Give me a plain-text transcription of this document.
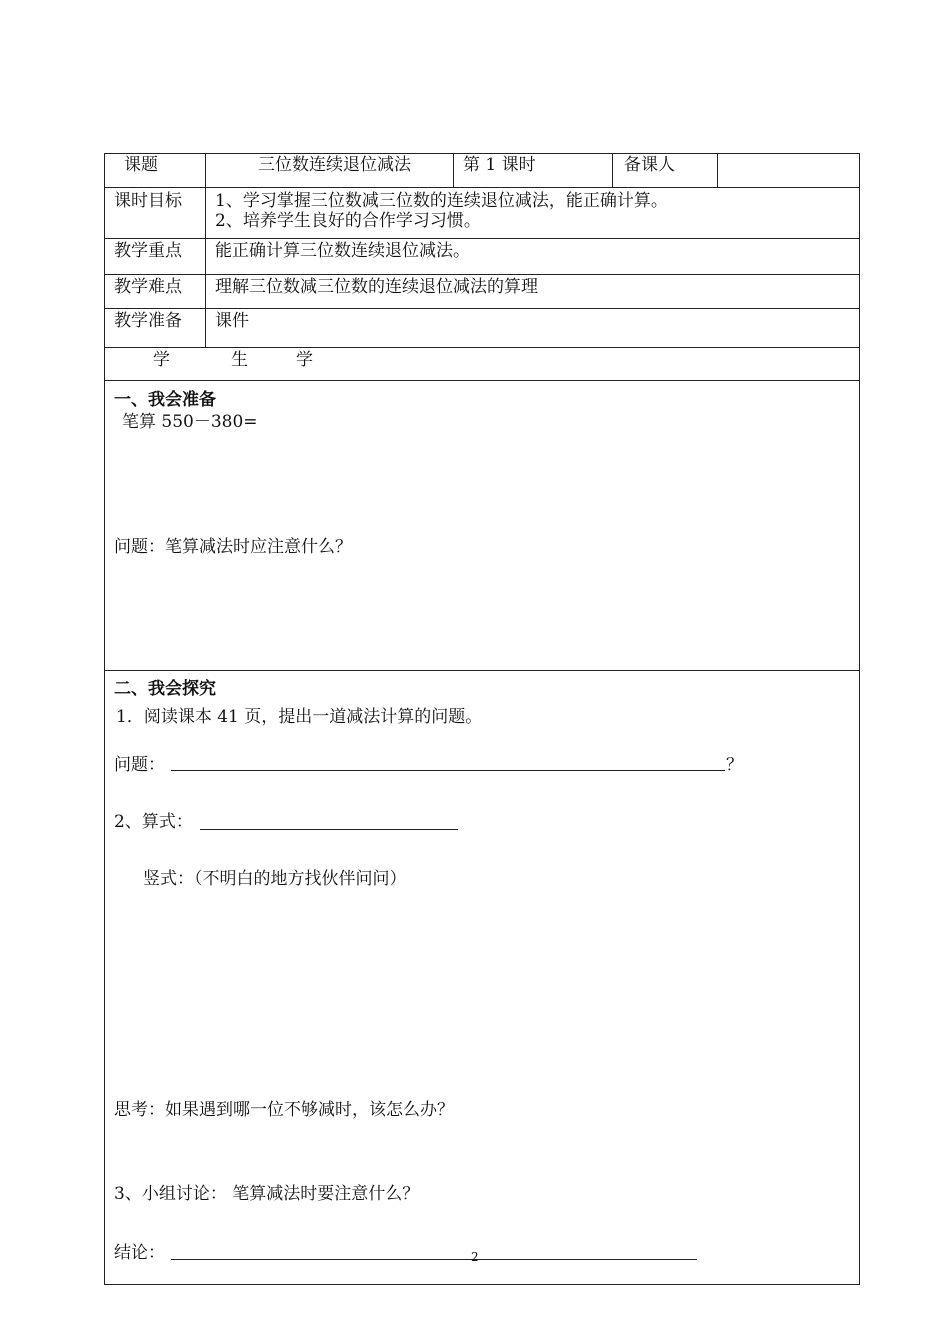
课题	三位数连续退位减法	第 1 课时	备课人
课时目标 1、学习掌握三位数减三位数的连续退位减法，能正确计算。
2、培养学生良好的合作学习习惯。
教学重点 能正确计算三位数连续退位减法。
教学难点 理解三位数减三位数的连续退位减法的算理
教学准备 课件
学	生	学
一、我会准备
笔算 550－380=
问题：笔算减法时应注意什么？
二、我会探究
1．阅读课本 41 页，提出一道减法计算的问题。
问题：	？
2、算式：
竖式：（不明白的地方找伙伴问问）
思考：如果遇到哪一位不够减时，该怎么办？
3、小组讨论： 笔算减法时要注意什么？
结论：	2
